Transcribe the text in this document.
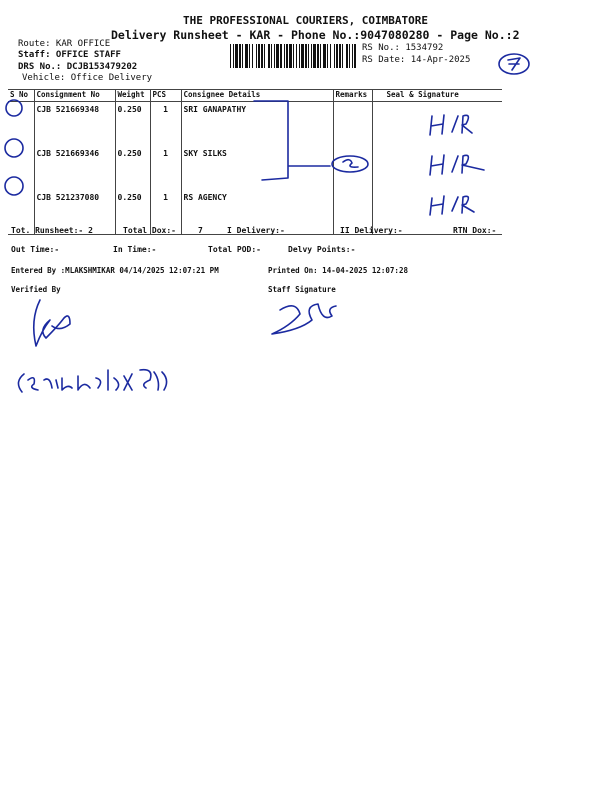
THE PROFESSIONAL COURIERS, COIMBATORE
Delivery Runsheet - KAR - Phone No.:9047080280 - Page No.:2
Route: KAR OFFICE
Staff: OFFICE STAFF
DRS No.: DCJB153479202
Vehicle: Office Delivery
RS No.: 1534792
RS Date: 14-Apr-2025
S No	Consignment No	Weight	PCS	Consignee Details	Remarks	Seal & Signature
	CJB 521669348	0.250	1	SRI GANAPATHY		
	CJB 521669346	0.250	1	SKY SILKS		
	CJB 521237080	0.250	1	RS AGENCY		
Tot. Runsheet:- 2	Total Dox:-	7	I Delivery:-	II Delivery:-	RTN Dox:-
Out Time:-	In Time:-	Total POD:-	Delvy Points:-
Entered By :MLAKSHMIKAR 04/14/2025 12:07:21 PM	Printed On: 14-04-2025 12:07:28
Verified By	Staff Signature
